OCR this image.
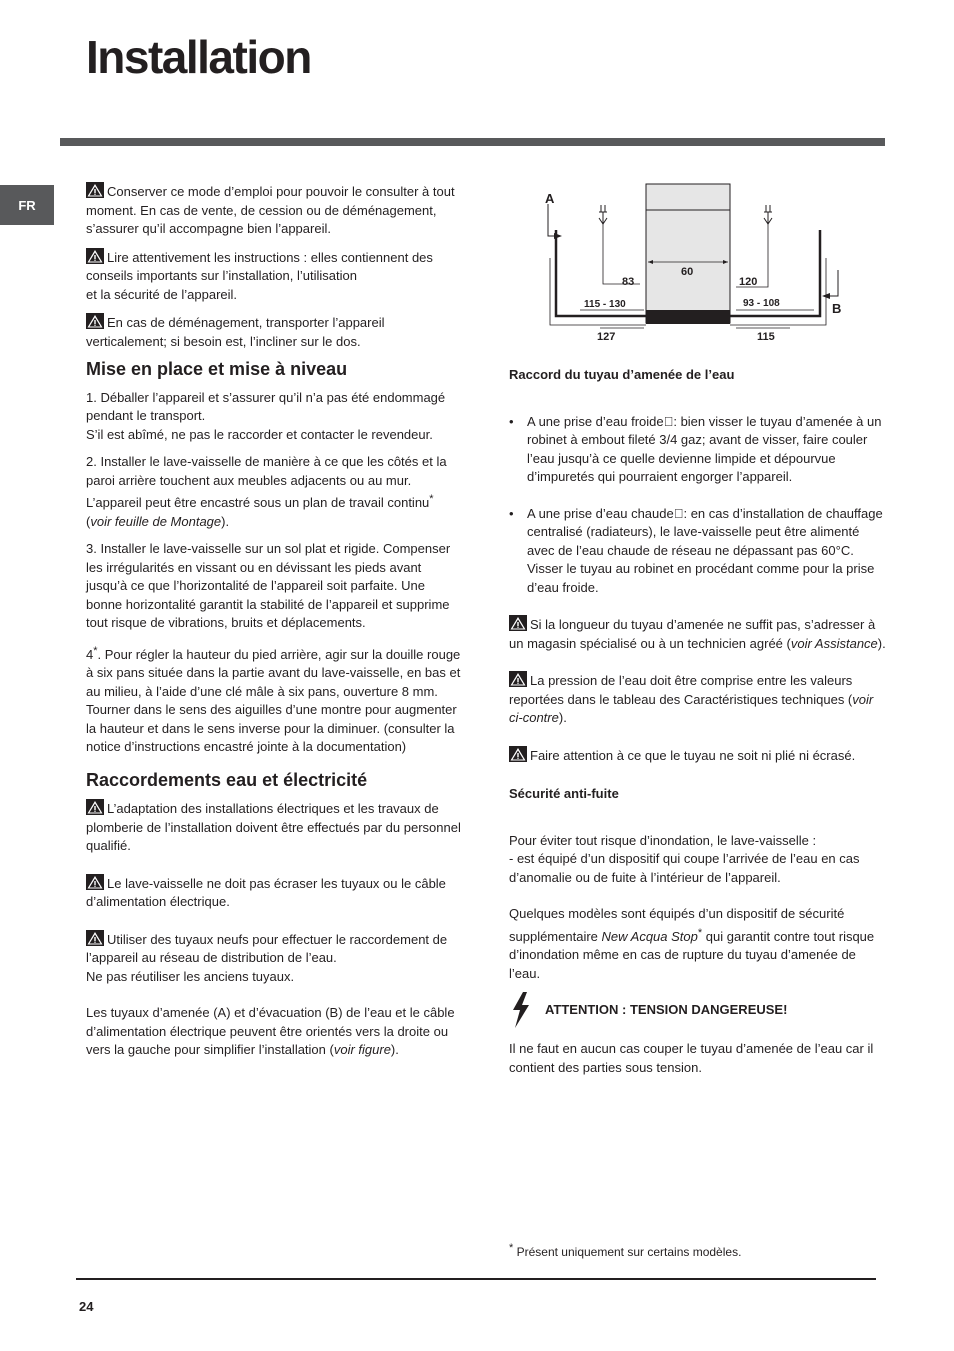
Installation
FR

Conserver ce mode d’emploi pour pouvoir le consulter à tout moment. En cas de vente, de cession ou de déménagement, s’assurer qu’il accompagne bien l’appareil.

Lire attentivement les instructions : elles contiennent des conseils importants sur l’installation, l’utilisation
et la sécurité de l’appareil.

En cas de déménagement, transporter l’appareil verticalement; si besoin est, l’incliner sur le dos.

Mise en place et mise à niveau

1. Déballer l’appareil et s’assurer qu’il n’a pas été endommagé pendant le transport.
S’il est abîmé, ne pas le raccorder et contacter le revendeur.

2. Installer le lave-vaisselle de manière à ce que les côtés et la paroi arrière touchent aux meubles adjacents ou au mur. L’appareil peut être encastré sous un plan de travail continu*
(voir feuille de Montage).

3. Installer le lave-vaisselle sur un sol plat et rigide. Compenser les irrégularités en vissant ou en dévissant les pieds avant jusqu’à ce que l’horizontalité de l’appareil soit parfaite. Une bonne horizontalité garantit la stabilité de l’appareil et supprime tout risque de vibrations, bruits et déplacements.

4*. Pour régler la hauteur du pied arrière, agir sur la douille rouge à six pans située dans la partie avant du lave-vaisselle, en bas et au milieu, à l’aide d’une clé mâle à six pans, ouverture 8 mm. Tourner dans le sens des aiguilles d’une montre pour augmenter la hauteur et dans le sens inverse pour la diminuer. (consulter la notice d’instructions encastré jointe à la documentation)

Raccordements eau et électricité

L’adaptation des installations électriques et les travaux de plomberie de l’installation doivent être effectués par du personnel qualifié.

Le lave-vaisselle ne doit pas écraser les tuyaux ou le câble d’alimentation électrique.

Utiliser des tuyaux neufs pour effectuer le raccordement de l’appareil au réseau de distribution de l’eau.
Ne pas réutiliser les anciens tuyaux.

Les tuyaux d’amenée (A) et d’évacuation (B) de l’eau et le câble d’alimentation électrique peuvent être orientés vers la droite ou vers la gauche pour simplifier l’installation (voir figure).

A
B
83
60
120
115 - 130	93 - 108
127	115
Raccord du tuyau d’amenée de l’eau
• A une prise d’eau froide : bien visser le tuyau d’amenée à un robinet à embout fileté 3/4 gaz; avant de visser, faire couler l’eau jusqu’à ce quelle devienne limpide et dépourvue d’impuretés qui pourraient engorger l’appareil.
• A une prise d’eau chaude : en cas d’installation de chauffage centralisé (radiateurs), le lave-vaisselle peut être alimenté avec de l’eau chaude de réseau ne dépassant pas 60°C.
Visser le tuyau au robinet en procédant comme pour la prise d’eau froide.

Si la longueur du tuyau d’amenée ne suffit pas, s’adresser à un magasin spécialisé ou à un technicien agréé (voir Assistance).

La pression de l’eau doit être comprise entre les valeurs reportées dans le tableau des Caractéristiques techniques (voir ci-contre).

Faire attention à ce que le tuyau ne soit ni plié ni écrasé.

Sécurité anti-fuite

Pour éviter tout risque d’inondation, le lave-vaisselle :
- est équipé d’un dispositif qui coupe l’arrivée de l’eau en cas d’anomalie ou de fuite à l’intérieur de l’appareil.

Quelques modèles sont équipés d’un dispositif de sécurité supplémentaire New Acqua Stop* qui garantit contre tout risque d’inondation même en cas de rupture du tuyau d’amenée de l’eau.

ATTENTION : TENSION DANGEREUSE!

Il ne faut en aucun cas couper le tuyau d’amenée de l’eau car il contient des parties sous tension.

* Présent uniquement sur certains modèles.
24
